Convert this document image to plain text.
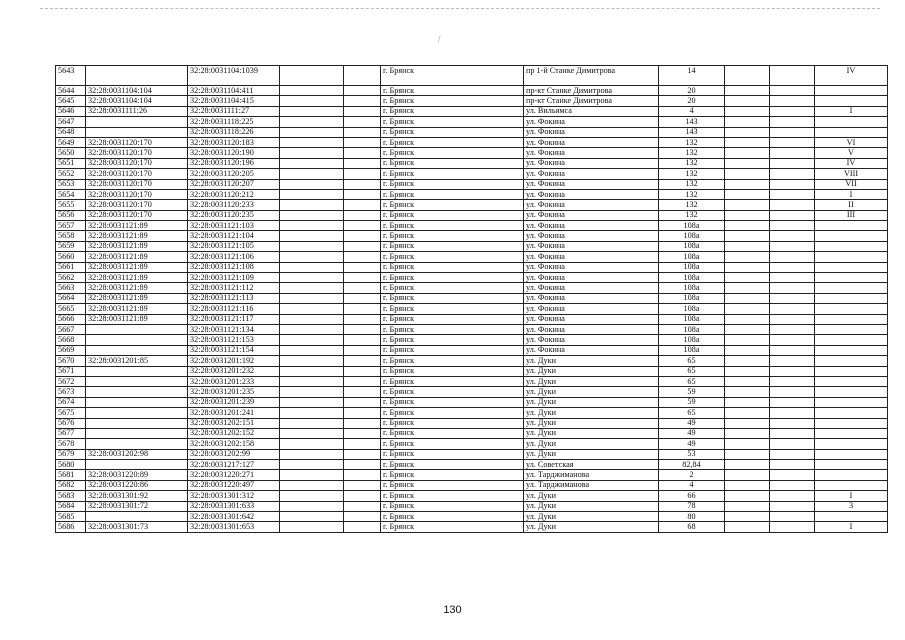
/
5643		32:28:0031104:1039			г. Брянск	пр 1-й Станке Димитрова	14			IV
5644	32:28:0031104:104	32:28:0031104:411			г. Брянск	пр-кт Станке Димитрова	20			
5645	32:28:0031104:104	32:28:0031104:415			г. Брянск	пр-кт Станке Димитрова	20			
5646	32:28:0031111:26	32:28:0031111:27			г. Брянск	ул. Вильямса	4			I
5647		32:28:0031118:225			г. Брянск	ул. Фокина	143			
5648		32:28:0031118:226			г. Брянск	ул. Фокина	143			
5649	32:28:0031120:170	32:28:0031120:183			г. Брянск	ул. Фокина	132			VI
5650	32:28:0031120:170	32:28:0031120:190			г. Брянск	ул. Фокина	132			V
5651	32:28:0031120:170	32:28:0031120:196			г. Брянск	ул. Фокина	132			IV
5652	32:28:0031120:170	32:28:0031120:205			г. Брянск	ул. Фокина	132			VIII
5653	32:28:0031120:170	32:28:0031120:207			г. Брянск	ул. Фокина	132			VII
5654	32:28:0031120:170	32:28:0031120:212			г. Брянск	ул. Фокина	132			I
5655	32:28:0031120:170	32:28:0031120:233			г. Брянск	ул. Фокина	132			II
5656	32:28:0031120:170	32:28:0031120:235			г. Брянск	ул. Фокина	132			III
5657	32:28:0031121:89	32:28:0031121:103			г. Брянск	ул. Фокина	108а			
5658	32:28:0031121:89	32:28:0031121:104			г. Брянск	ул. Фокина	108а			
5659	32:28:0031121:89	32:28:0031121:105			г. Брянск	ул. Фокина	108а			
5660	32:28:0031121:89	32:28:0031121:106			г. Брянск	ул. Фокина	108а			
5661	32:28:0031121:89	32:28:0031121:108			г. Брянск	ул. Фокина	108а			
5662	32:28:0031121:89	32:28:0031121:109			г. Брянск	ул. Фокина	108а			
5663	32:28:0031121:89	32:28:0031121:112			г. Брянск	ул. Фокина	108а			
5664	32:28:0031121:89	32:28:0031121:113			г. Брянск	ул. Фокина	108а			
5665	32:28:0031121:89	32:28:0031121:116			г. Брянск	ул. Фокина	108а			
5666	32:28:0031121:89	32:28:0031121:117			г. Брянск	ул. Фокина	108а			
5667		32:28:0031121:134			г. Брянск	ул. Фокина	108а			
5668		32:28:0031121:153			г. Брянск	ул. Фокина	108а			
5669		32:28:0031121:154			г. Брянск	ул. Фокина	108а			
5670	32:28:0031201:85	32:28:0031201:192			г. Брянск	ул. Дуки	65			
5671		32:28:0031201:232			г. Брянск	ул. Дуки	65			
5672		32:28:0031201:233			г. Брянск	ул. Дуки	65			
5673		32:28:0031201:235			г. Брянск	ул. Дуки	59			
5674		32:28:0031201:239			г. Брянск	ул. Дуки	59			
5675		32:28:0031201:241			г. Брянск	ул. Дуки	65			
5676		32:28:0031202:151			г. Брянск	ул. Дуки	49			
5677		32:28:0031202:152			г. Брянск	ул. Дуки	49			
5678		32:28:0031202:158			г. Брянск	ул. Дуки	49			
5679	32:28:0031202:98	32:28:0031202:99			г. Брянск	ул. Дуки	53			
5680		32:28:0031217:127			г. Брянск	ул. Советская	82,84			
5681	32:28:0031220:89	32:28:0031220:271			г. Брянск	ул. Тарджиманова	2			
5682	32:28:0031220:86	32:28:0031220:497			г. Брянск	ул. Тарджиманова	4			
5683	32:28:0031301:92	32:28:0031301:312			г. Брянск	ул. Дуки	66			I
5684	32:28:0031301:72	32:28:0031301:633			г. Брянск	ул. Дуки	78			3
5685		32:28:0031301:642			г. Брянск	ул. Дуки	80			
5686	32:28:0031301:73	32:28:0031301:653			г. Брянск	ул. Дуки	68			I
130
